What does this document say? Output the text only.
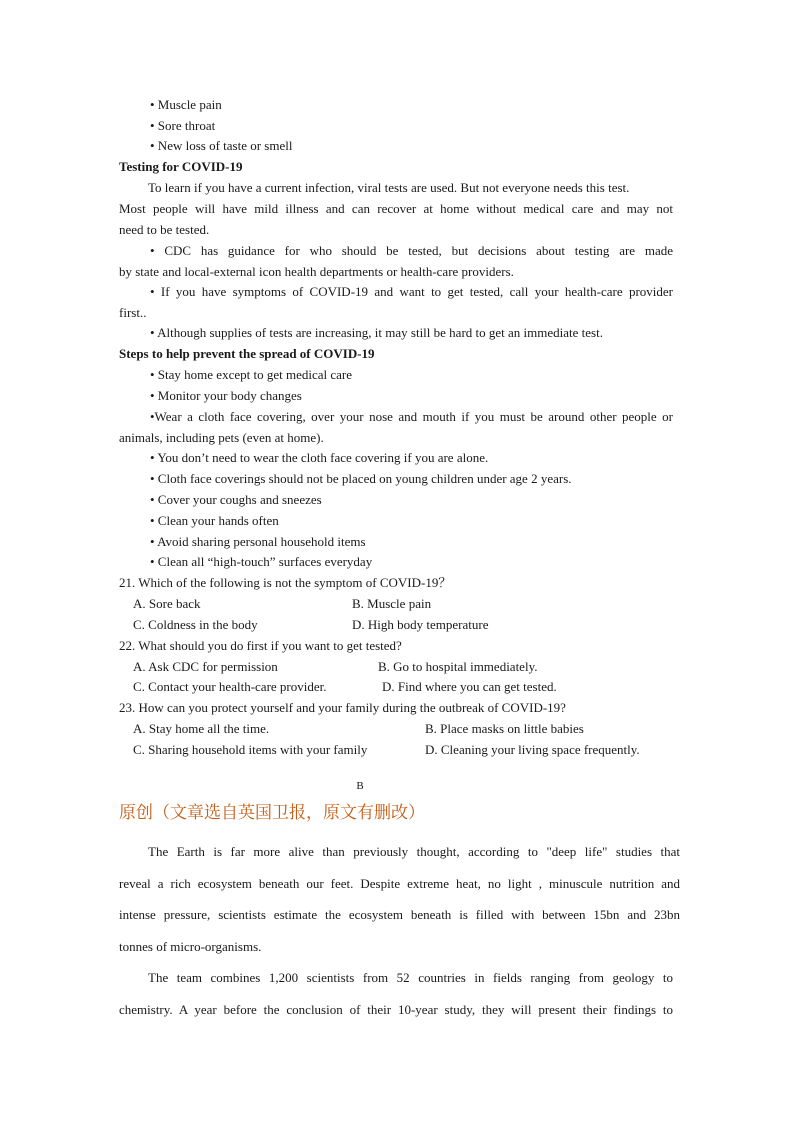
• Muscle pain

• Sore throat

• New loss of taste or smell

Testing for COVID-19

To learn if you have a current infection, viral tests are used. But not everyone needs this test.

Most people will have mild illness and can recover at home without medical care and may not

need to be tested.

• CDC has guidance for who should be tested, but decisions about testing are made

by state and local-external icon health departments or health-care providers.

• If you have symptoms of COVID-19 and want to get tested, call your health-care provider

first..

• Although supplies of tests are increasing, it may still be hard to get an immediate test.

Steps to help prevent the spread of COVID-19

• Stay home except to get medical care

• Monitor your body changes

•Wear a cloth face covering, over your nose and mouth if you must be around other people or

animals, including pets (even at home).

• You don’t need to wear the cloth face covering if you are alone.

• Cloth face coverings should not be placed on young children under age 2 years.

• Cover your coughs and sneezes

• Clean your hands often

• Avoid sharing personal household items

• Clean all “high-touch” surfaces everyday

21. Which of the following is not the symptom of COVID-19？

A. Sore back	B. Muscle pain

C. Coldness in the body	D. High body temperature

22. What should you do first if you want to get tested?

A. Ask CDC for permission	B. Go to hospital immediately.

C. Contact your health-care provider.	D. Find where you can get tested.

23. How can you protect yourself and your family during the outbreak of COVID-19?

A. Stay home all the time.	B. Place masks on little babies

C. Sharing household items with your family	D. Cleaning your living space frequently.

B

原创（文章选自英国卫报，原文有删改）

The Earth is far more alive than previously thought, according to "deep life" studies that

reveal a rich ecosystem beneath our feet. Despite extreme heat, no light , minuscule nutrition and

intense pressure, scientists estimate the ecosystem beneath is filled with between 15bn and 23bn

tonnes of micro-organisms.

The team combines 1,200 scientists from 52 countries in fields ranging from geology to

chemistry. A year before the conclusion of their 10-year study, they will present their findings to
